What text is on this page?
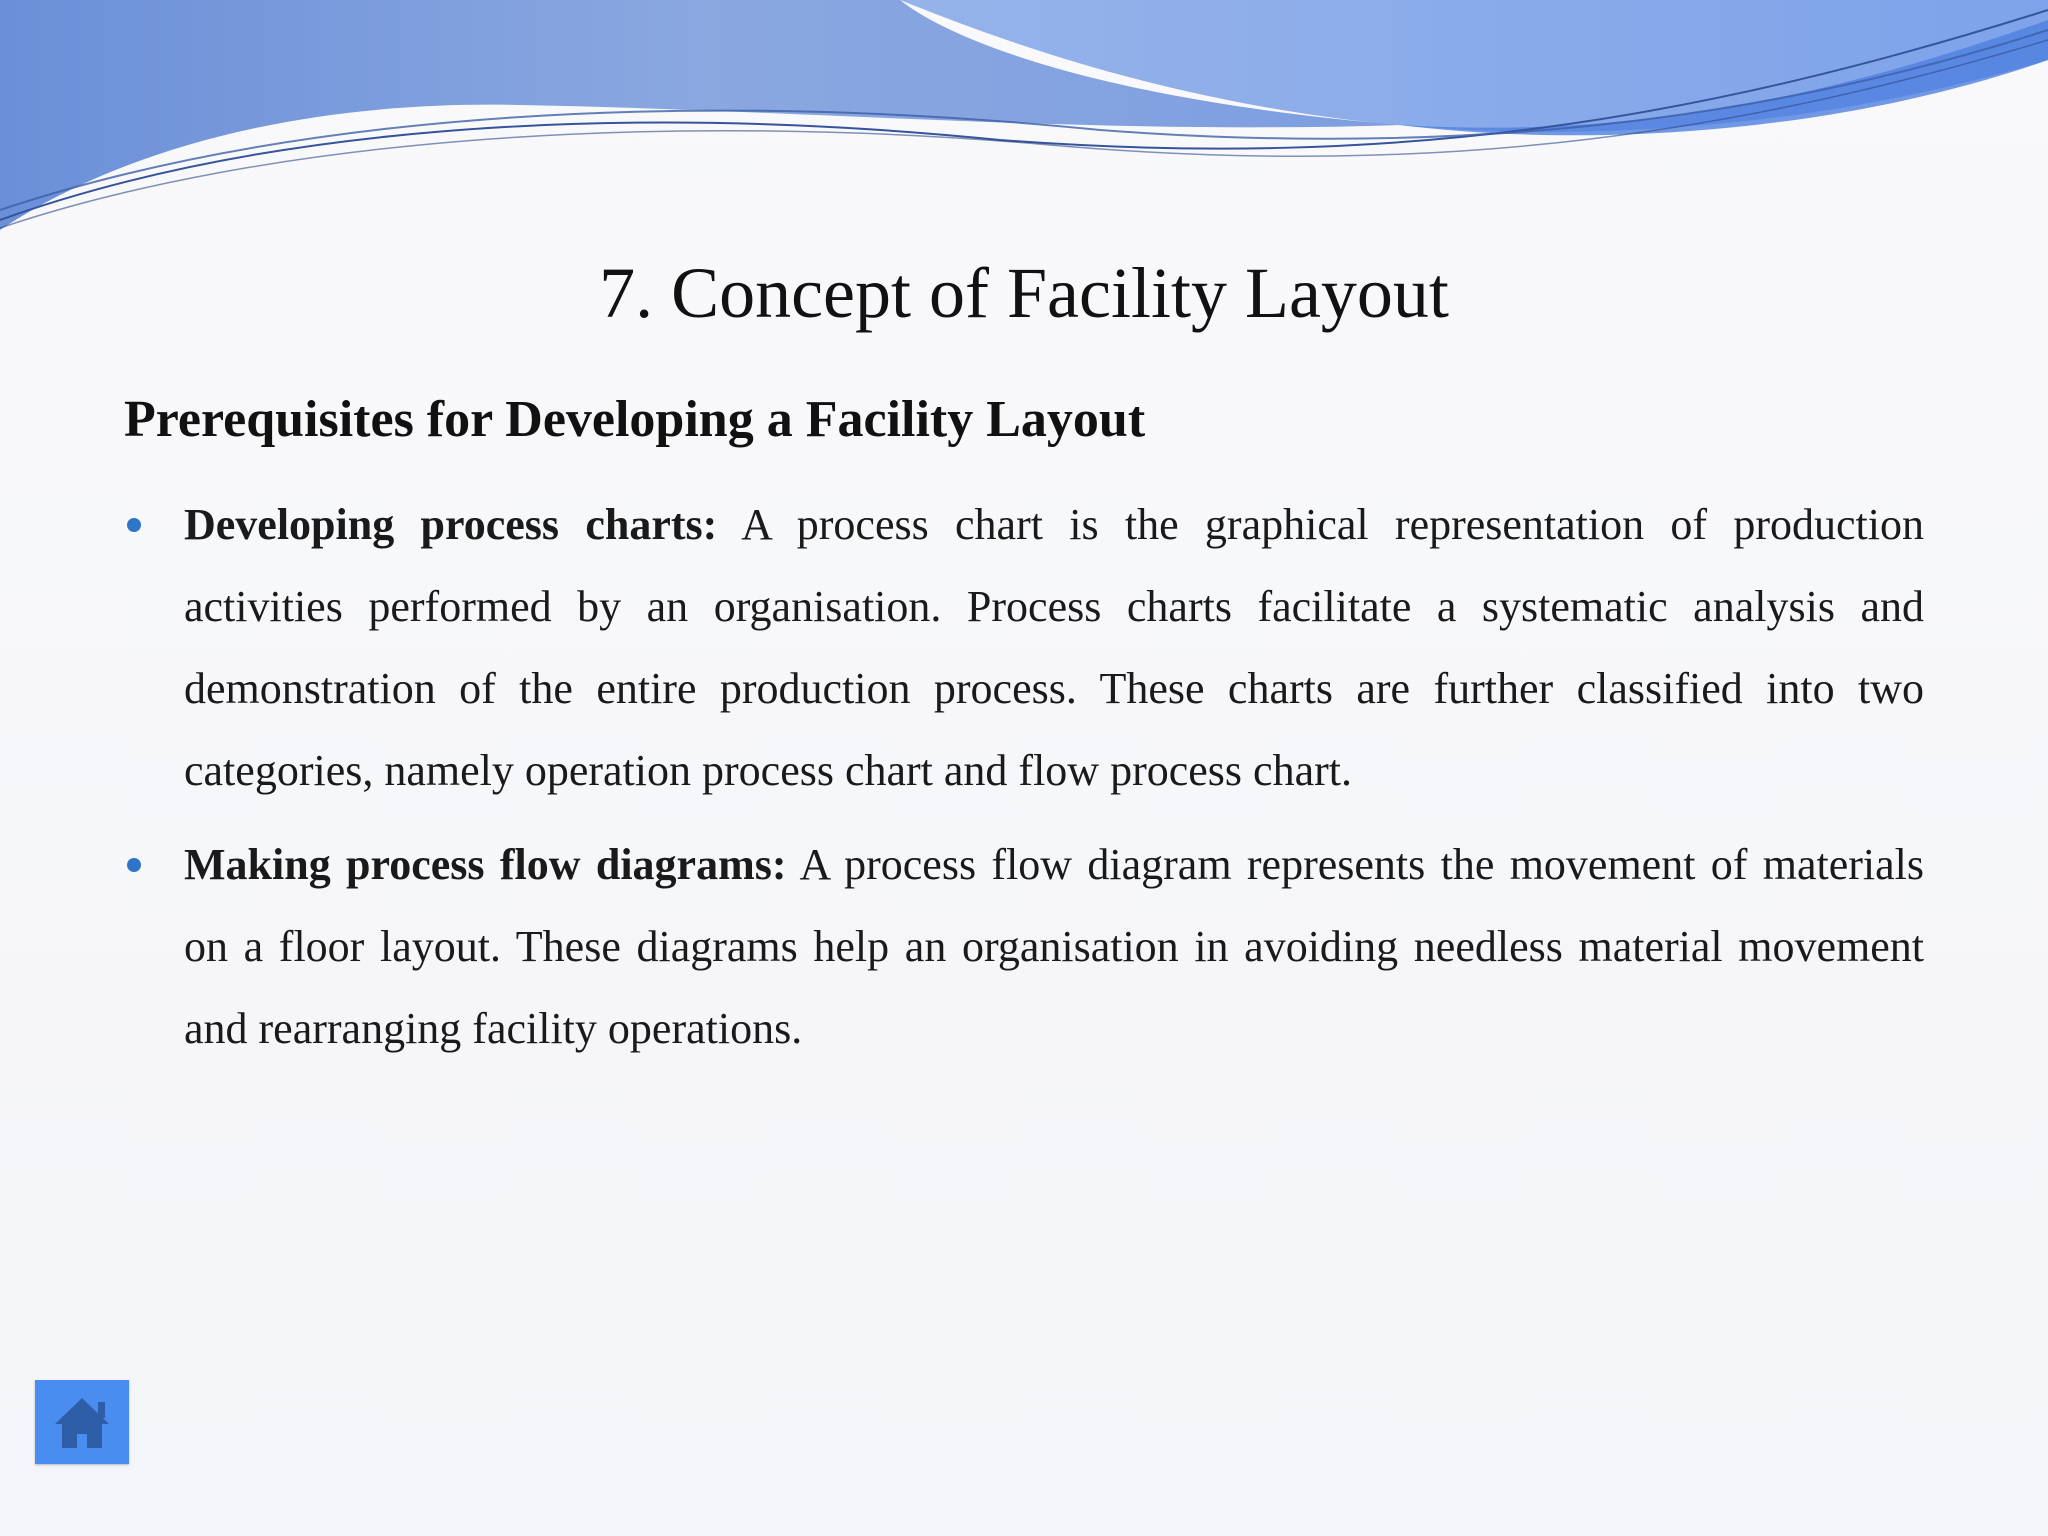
7. Concept of Facility Layout
Prerequisites for Developing a Facility Layout
Developing process charts: A process chart is the graphical representation of production activities performed by an organisation. Process charts facilitate a systematic analysis and demonstration of the entire production process. These charts are further classified into two categories, namely operation process chart and flow process chart.
Making process flow diagrams: A process flow diagram represents the movement of materials on a floor layout. These diagrams help an organisation in avoiding needless material movement and rearranging facility operations.
